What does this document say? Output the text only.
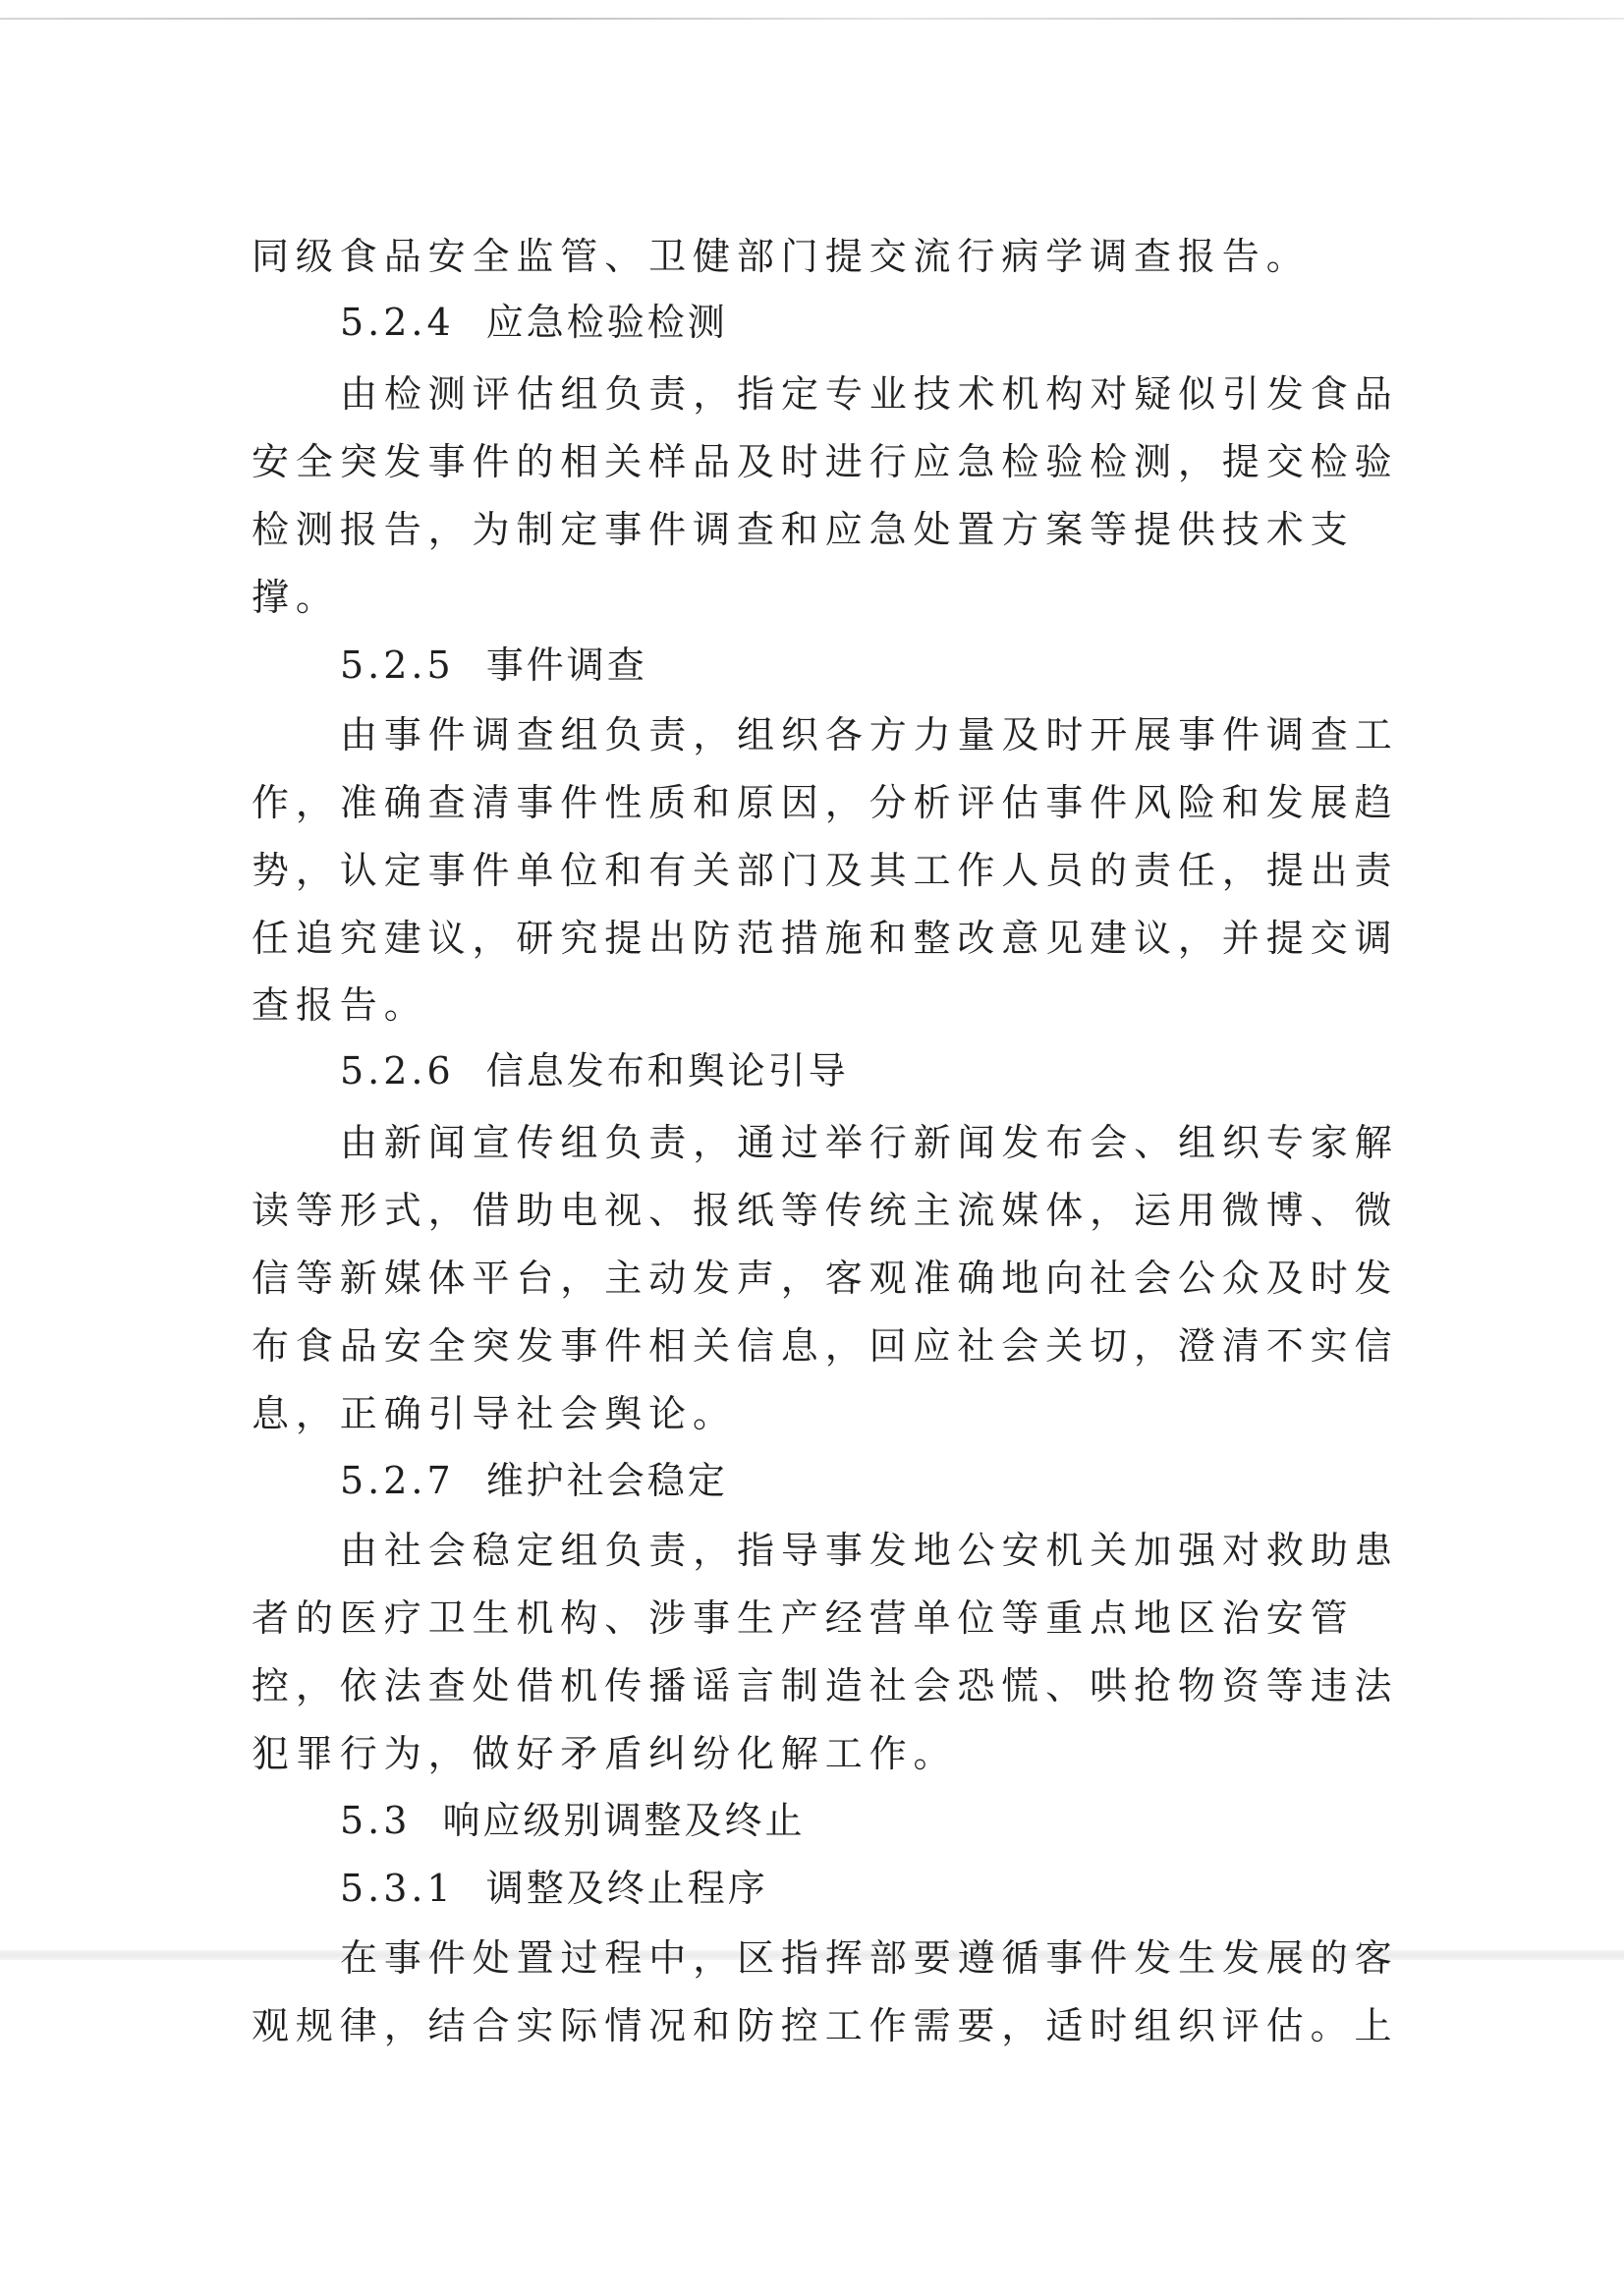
同级食品安全监管、卫健部门提交流行病学调查报告。
5.2.4 应急检验检测
由检测评估组负责，指定专业技术机构对疑似引发食品
安全突发事件的相关样品及时进行应急检验检测，提交检验
检测报告，为制定事件调查和应急处置方案等提供技术支
撑。
5.2.5 事件调查
由事件调查组负责，组织各方力量及时开展事件调查工
作，准确查清事件性质和原因，分析评估事件风险和发展趋
势，认定事件单位和有关部门及其工作人员的责任，提出责
任追究建议，研究提出防范措施和整改意见建议，并提交调
查报告。
5.2.6 信息发布和舆论引导
由新闻宣传组负责，通过举行新闻发布会、组织专家解
读等形式，借助电视、报纸等传统主流媒体，运用微博、微
信等新媒体平台，主动发声，客观准确地向社会公众及时发
布食品安全突发事件相关信息，回应社会关切，澄清不实信
息，正确引导社会舆论。
5.2.7 维护社会稳定
由社会稳定组负责，指导事发地公安机关加强对救助患
者的医疗卫生机构、涉事生产经营单位等重点地区治安管
控，依法查处借机传播谣言制造社会恐慌、哄抢物资等违法
犯罪行为，做好矛盾纠纷化解工作。
5.3 响应级别调整及终止
5.3.1 调整及终止程序
在事件处置过程中，区指挥部要遵循事件发生发展的客
观规律，结合实际情况和防控工作需要，适时组织评估。上
